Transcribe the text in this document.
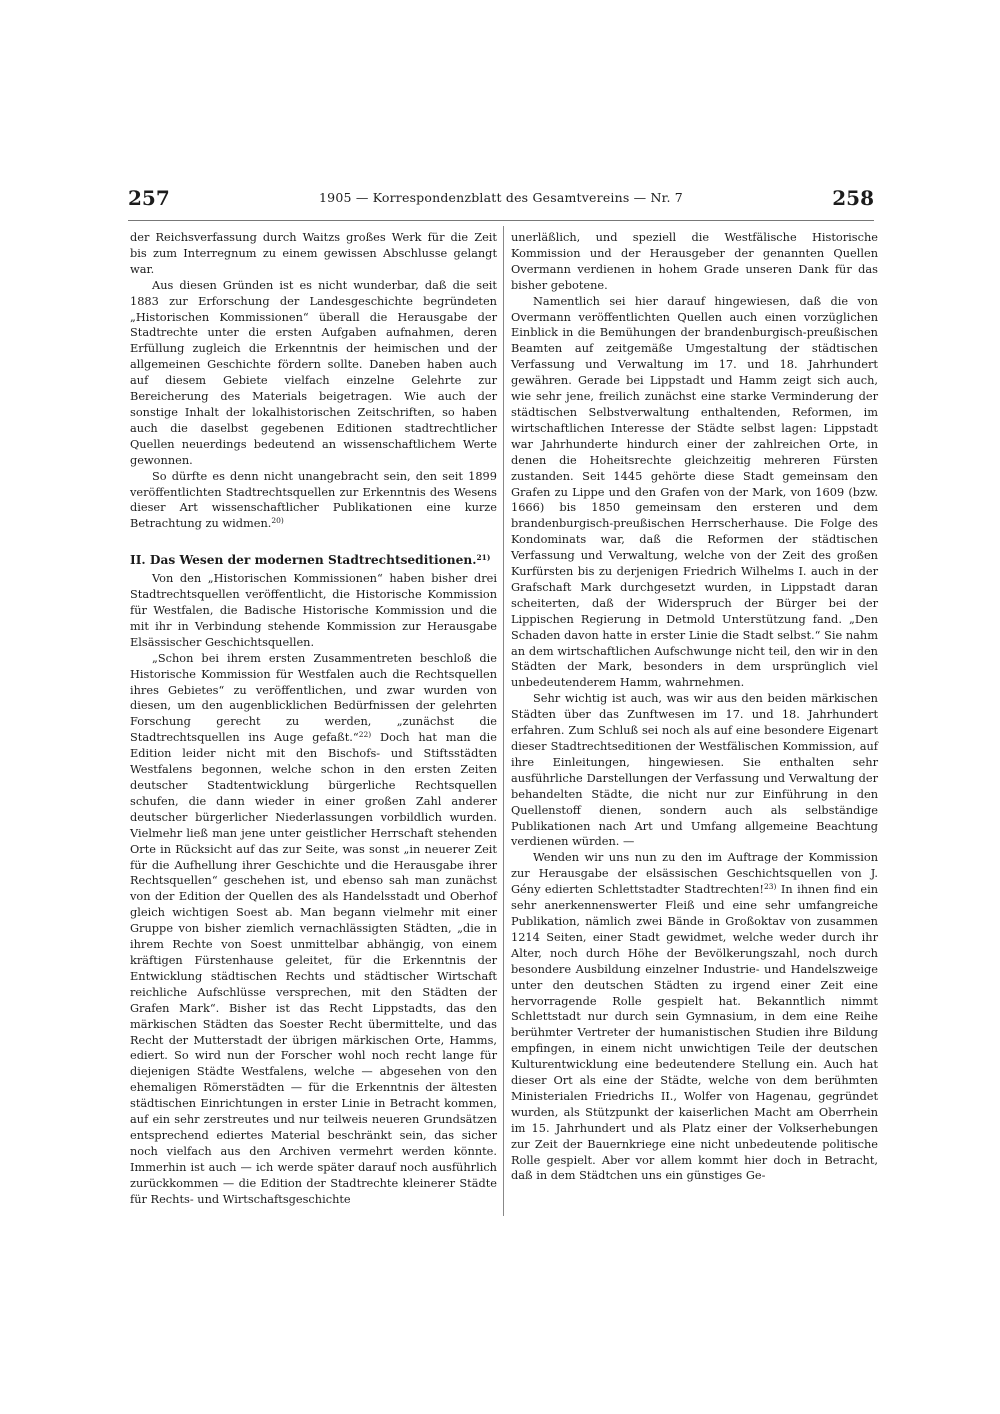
257	1905 — Korrespondenzblatt des Gesamtvereins — Nr. 7	258

der Reichsverfassung durch Waitzs großes Werk für die Zeit bis zum Interregnum zu einem gewissen Abschlusse gelangt war.

Aus diesen Gründen ist es nicht wunderbar, daß die seit 1883 zur Erforschung der Landesgeschichte begründeten „Historischen Kommissionen“ überall die Herausgabe der Stadtrechte unter die ersten Aufgaben aufnahmen, deren Erfüllung zugleich die Erkenntnis der heimischen und der allgemeinen Geschichte fördern sollte. Daneben haben auch auf diesem Gebiete vielfach einzelne Gelehrte zur Bereicherung des Materials beigetragen. Wie auch der sonstige Inhalt der lokalhistorischen Zeitschriften, so haben auch die daselbst gegebenen Editionen stadtrechtlicher Quellen neuerdings bedeutend an wissenschaftlichem Werte gewonnen.

So dürfte es denn nicht unangebracht sein, den seit 1899 veröffentlichten Stadtrechtsquellen zur Erkenntnis des Wesens dieser Art wissenschaftlicher Publikationen eine kurze Betrachtung zu widmen.$^{20)}$

II. Das Wesen der modernen Stadtrechtseditionen.$^{21)}$

Von den „Historischen Kommissionen“ haben bisher drei Stadtrechtsquellen veröffentlicht, die Historische Kommission für Westfalen, die Badische Historische Kommission und die mit ihr in Verbindung stehende Kommission zur Herausgabe Elsässischer Geschichtsquellen.

„Schon bei ihrem ersten Zusammentreten beschloß die Historische Kommission für Westfalen auch die Rechtsquellen ihres Gebietes“ zu veröffentlichen, und zwar wurden von diesen, um den augenblicklichen Bedürfnissen der gelehrten Forschung gerecht zu werden, „zunächst die Stadtrechtsquellen ins Auge gefaßt.“$^{22)}$ Doch hat man die Edition leider nicht mit den Bischofs- und Stiftsstädten Westfalens begonnen, welche schon in den ersten Zeiten deutscher Stadtentwicklung bürgerliche Rechtsquellen schufen, die dann wieder in einer großen Zahl anderer deutscher bürgerlicher Niederlassungen vorbildlich wurden. Vielmehr ließ man jene unter geistlicher Herrschaft stehenden Orte in Rücksicht auf das zur Seite, was sonst „in neuerer Zeit für die Aufhellung ihrer Geschichte und die Herausgabe ihrer Rechtsquellen“ geschehen ist, und ebenso sah man zunächst von der Edition der Quellen des als Handelsstadt und Oberhof gleich wichtigen Soest ab. Man begann vielmehr mit einer Gruppe von bisher ziemlich vernachlässigten Städten, „die in ihrem Rechte von Soest unmittelbar abhängig, von einem kräftigen Fürstenhause geleitet, für die Erkenntnis der Entwicklung städtischen Rechts und städtischer Wirtschaft reichliche Aufschlüsse versprechen, mit den Städten der Grafen Mark“. Bisher ist das Recht Lippstadts, das den märkischen Städten das Soester Recht übermittelte, und das Recht der Mutterstadt der übrigen märkischen Orte, Hamms, ediert. So wird nun der Forscher wohl noch recht lange für diejenigen Städte Westfalens, welche — abgesehen von den ehemaligen Römerstädten — für die Erkenntnis der ältesten städtischen Einrichtungen in erster Linie in Betracht kommen, auf ein sehr zerstreutes und nur teilweis neueren Grundsätzen entsprechend ediertes Material beschränkt sein, das sicher noch vielfach aus den Archiven vermehrt werden könnte. Immerhin ist auch — ich werde später darauf noch ausführlich zurückkommen — die Edition der Stadtrechte kleinerer Städte für Rechts- und Wirtschaftsgeschichte

unerläßlich, und speziell die Westfälische Historische Kommission und der Herausgeber der genannten Quellen Overmann verdienen in hohem Grade unseren Dank für das bisher gebotene.

Namentlich sei hier darauf hingewiesen, daß die von Overmann veröffentlichten Quellen auch einen vorzüglichen Einblick in die Bemühungen der brandenburgisch-preußischen Beamten auf zeitgemäße Umgestaltung der städtischen Verfassung und Verwaltung im 17. und 18. Jahrhundert gewähren. Gerade bei Lippstadt und Hamm zeigt sich auch, wie sehr jene, freilich zunächst eine starke Verminderung der städtischen Selbstverwaltung enthaltenden, Reformen, im wirtschaftlichen Interesse der Städte selbst lagen: Lippstadt war Jahrhunderte hindurch einer der zahlreichen Orte, in denen die Hoheitsrechte gleichzeitig mehreren Fürsten zustanden. Seit 1445 gehörte diese Stadt gemeinsam den Grafen zu Lippe und den Grafen von der Mark, von 1609 (bzw. 1666) bis 1850 gemeinsam den ersteren und dem brandenburgisch-preußischen Herrscherhause. Die Folge des Kondominats war, daß die Reformen der städtischen Verfassung und Verwaltung, welche von der Zeit des großen Kurfürsten bis zu derjenigen Friedrich Wilhelms I. auch in der Grafschaft Mark durchgesetzt wurden, in Lippstadt daran scheiterten, daß der Widerspruch der Bürger bei der Lippischen Regierung in Detmold Unterstützung fand. „Den Schaden davon hatte in erster Linie die Stadt selbst.“ Sie nahm an dem wirtschaftlichen Aufschwunge nicht teil, den wir in den Städten der Mark, besonders in dem ursprünglich viel unbedeutenderem Hamm, wahrnehmen.

Sehr wichtig ist auch, was wir aus den beiden märkischen Städten über das Zunftwesen im 17. und 18. Jahrhundert erfahren. Zum Schluß sei noch als auf eine besondere Eigenart dieser Stadtrechtseditionen der Westfälischen Kommission, auf ihre Einleitungen, hingewiesen. Sie enthalten sehr ausführliche Darstellungen der Verfassung und Verwaltung der behandelten Städte, die nicht nur zur Einführung in den Quellenstoff dienen, sondern auch als selbständige Publikationen nach Art und Umfang allgemeine Beachtung verdienen würden. —

Wenden wir uns nun zu den im Auftrage der Kommission zur Herausgabe der elsässischen Geschichtsquellen von J. Gény edierten Schlettstadter Stadtrechten!$^{23)}$ In ihnen find ein sehr anerkennenswerter Fleiß und eine sehr umfangreiche Publikation, nämlich zwei Bände in Großoktav von zusammen 1214 Seiten, einer Stadt gewidmet, welche weder durch ihr Alter, noch durch Höhe der Bevölkerungszahl, noch durch besondere Ausbildung einzelner Industrie- und Handelszweige unter den deutschen Städten zu irgend einer Zeit eine hervorragende Rolle gespielt hat. Bekanntlich nimmt Schlettstadt nur durch sein Gymnasium, in dem eine Reihe berühmter Vertreter der humanistischen Studien ihre Bildung empfingen, in einem nicht unwichtigen Teile der deutschen Kulturentwicklung eine bedeutendere Stellung ein. Auch hat dieser Ort als eine der Städte, welche von dem berühmten Ministerialen Friedrichs II., Wolfer von Hagenau, gegründet wurden, als Stützpunkt der kaiserlichen Macht am Oberrhein im 15. Jahrhundert und als Platz einer der Volkserhebungen zur Zeit der Bauernkriege eine nicht unbedeutende politische Rolle gespielt. Aber vor allem kommt hier doch in Betracht, daß in dem Städtchen uns ein günstiges Ge-
